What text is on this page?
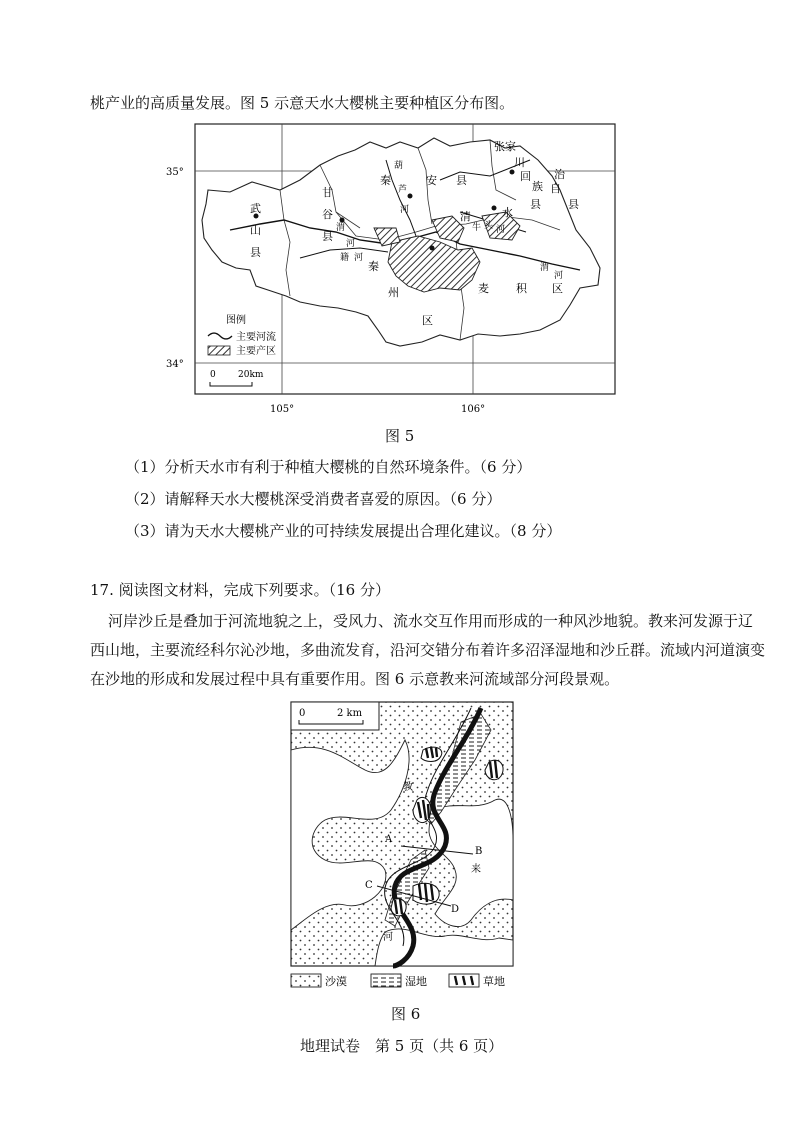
桃产业的高质量发展。图 5 示意天水大樱桃主要种植区分布图。
35°
34°
105°	106°
麦 积 区
秦
州
区
甘
谷
县
武
山
县
秦	安 县
张家
川
回
族 自
治
县
清	水
县
渭
河
渭
河
籍 河
葫
芦
河
牛 头 河
图例
主要河流
主要产区
0 20km
图 5
（1）分析天水市有利于种植大樱桃的自然环境条件。（6 分）
（2）请解释天水大樱桃深受消费者喜爱的原因。（6 分）
（3）请为天水大樱桃产业的可持续发展提出合理化建议。（8 分）
17. 阅读图文材料，完成下列要求。（16 分）
河岸沙丘是叠加于河流地貌之上，受风力、流水交互作用而形成的一种风沙地貌。教来河发源于辽
西山地，主要流经科尔沁沙地，多曲流发育，沿河交错分布着许多沼泽湿地和沙丘群。流域内河道演变
在沙地的形成和发展过程中具有重要作用。图 6 示意教来河流域部分河段景观。
0	2 km
A
B
C
D
教
来
河
沙漠	湿地	草地
图 6
地理试卷　第 5 页（共 6 页）
